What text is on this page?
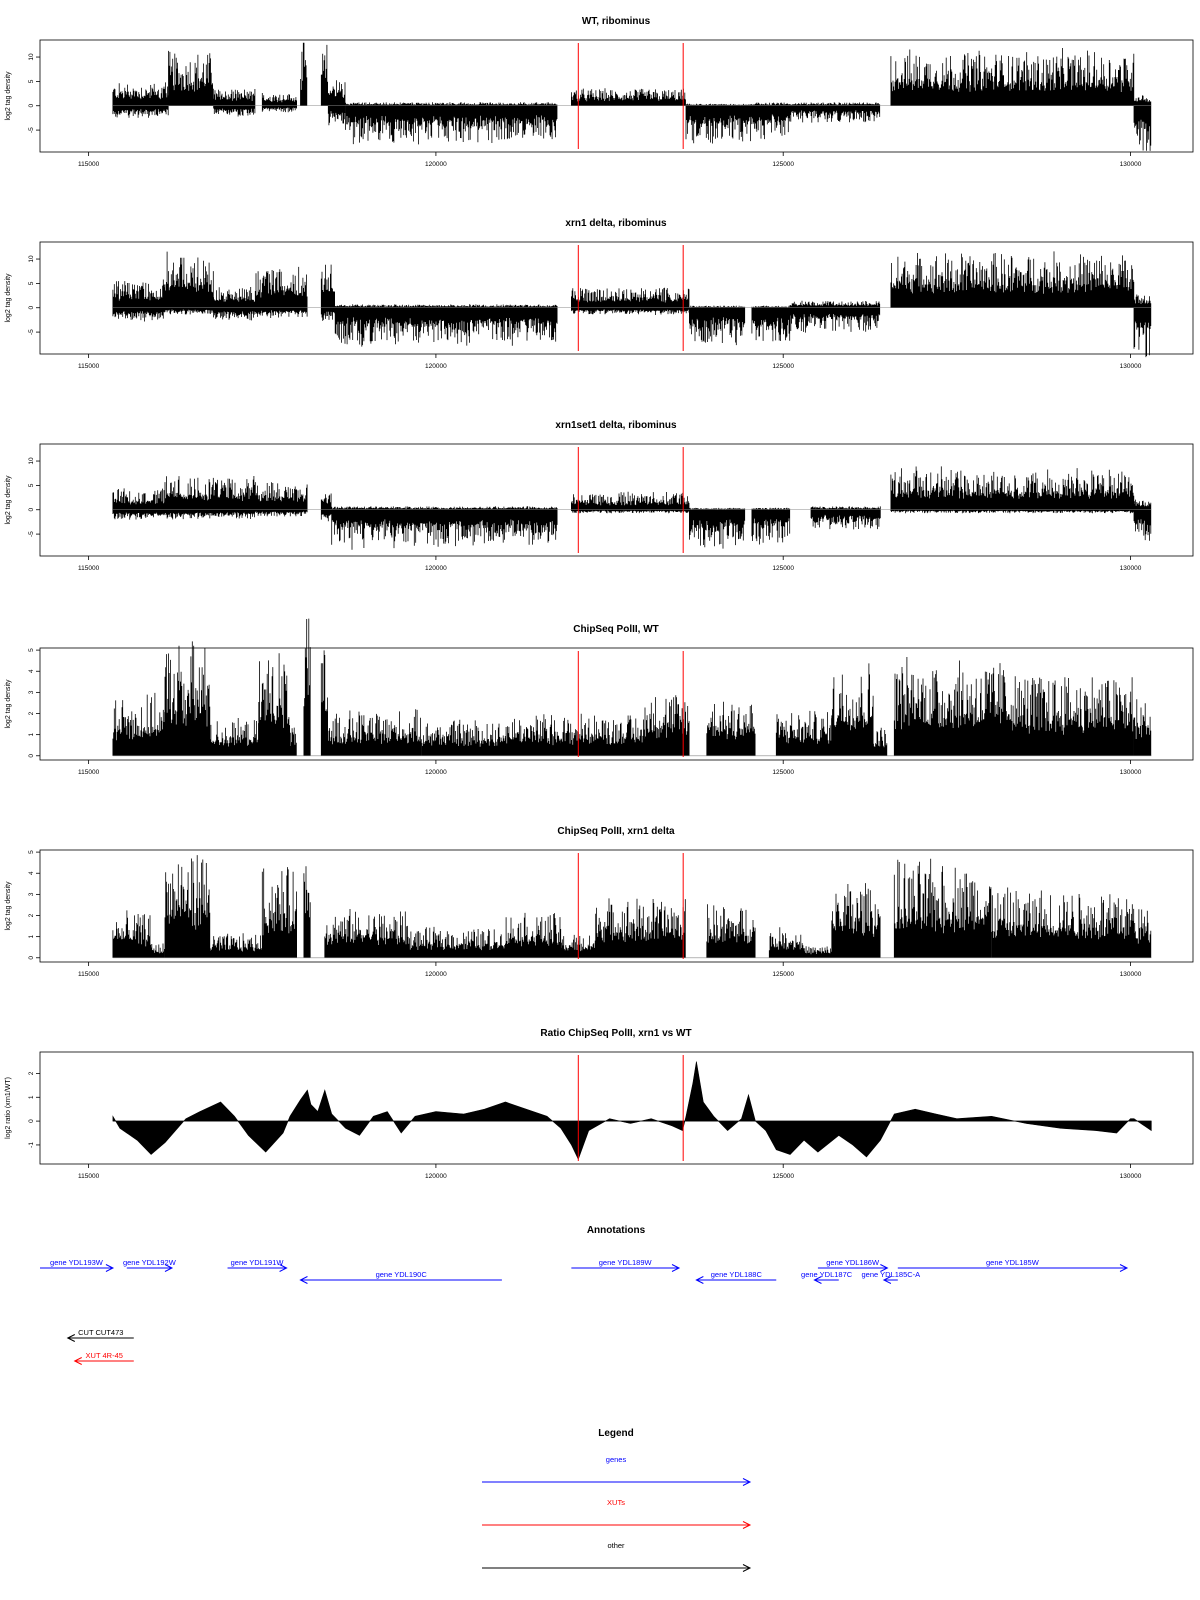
WT, ribominus
log2 tag density
-5
0
5
10
115000	120000	125000	130000
xrn1 delta, ribominus
log2 tag density
-5
0
5
10
115000	120000	125000	130000
xrn1set1 delta, ribominus
log2 tag density
-5
0
5
10
115000	120000	125000	130000
ChipSeq PolII, WT
log2 tag density
0
1
2
3
4
5
115000	120000	125000	130000
ChipSeq PolII, xrn1 delta
log2 tag density
0
1
2
3
4
5
115000	120000	125000	130000
Ratio ChipSeq PolII, xrn1 vs WT
log2 ratio (xrn1/WT)
-1
0
1
2
115000	120000	125000	130000
Annotations
gene YDL193W	gene YDL192W	gene YDL191W
gene YDL190C
gene YDL189W
gene YDL188C	gene YDL187C
gene YDL186W
gene YDL185C-A
gene YDL185W
CUT CUT473
XUT 4R-45
Legend
genes
XUTs
other
